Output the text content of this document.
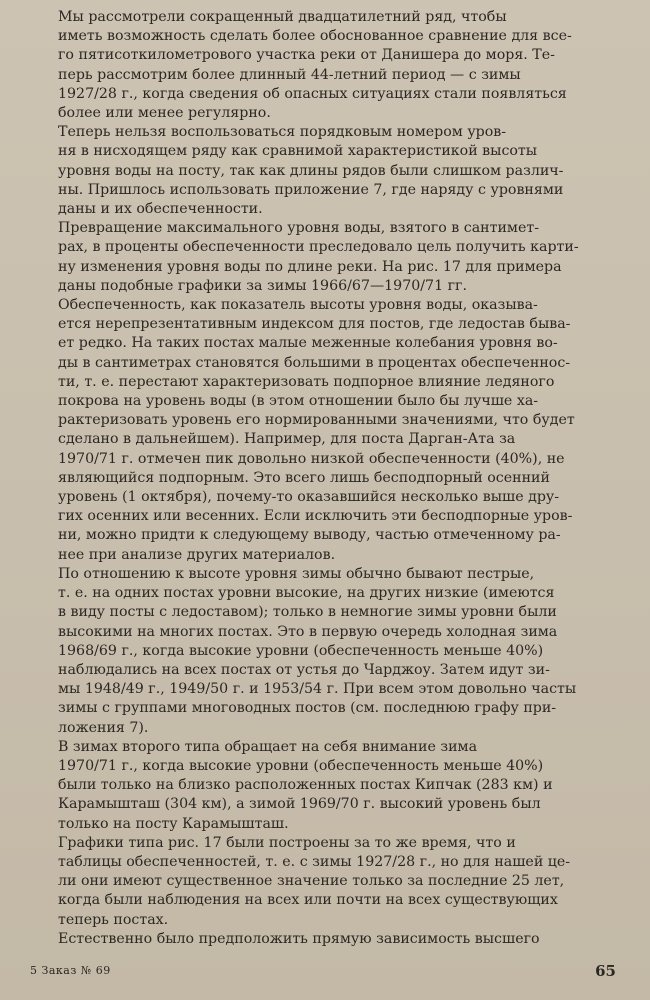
Мы рассмотрели сокращенный двадцатилетний ряд, чтобы
иметь возможность сделать более обоснованное сравнение для все-
го пятисоткилометрового участка реки от Данишера до моря. Те-
перь рассмотрим более длинный 44-летний период — с зимы
1927/28 г., когда сведения об опасных ситуациях стали появляться
более или менее регулярно.

Теперь нельзя воспользоваться порядковым номером уров-
ня в нисходящем ряду как сравнимой характеристикой высоты
уровня воды на посту, так как длины рядов были слишком различ-
ны. Пришлось использовать приложение 7, где наряду с уровнями
даны и их обеспеченности.

Превращение максимального уровня воды, взятого в сантимет-
рах, в проценты обеспеченности преследовало цель получить карти-
ну изменения уровня воды по длине реки. На рис. 17 для примера
даны подобные графики за зимы 1966/67—1970/71 гг.

Обеспеченность, как показатель высоты уровня воды, оказыва-
ется нерепрезентативным индексом для постов, где ледостав быва-
ет редко. На таких постах малые меженные колебания уровня во-
ды в сантиметрах становятся большими в процентах обеспеченнос-
ти, т. е. перестают характеризовать подпорное влияние ледяного
покрова на уровень воды (в этом отношении было бы лучше ха-
рактеризовать уровень его нормированными значениями, что будет
сделано в дальнейшем). Например, для поста Дарган-Ата за
1970/71 г. отмечен пик довольно низкой обеспеченности (40%), не
являющийся подпорным. Это всего лишь бесподпорный осенний
уровень (1 октября), почему-то оказавшийся несколько выше дру-
гих осенних или весенних. Если исключить эти бесподпорные уров-
ни, можно придти к следующему выводу, частью отмеченному ра-
нее при анализе других материалов.

По отношению к высоте уровня зимы обычно бывают пестрые,
т. е. на одних постах уровни высокие, на других низкие (имеются
в виду посты с ледоставом); только в немногие зимы уровни были
высокими на многих постах. Это в первую очередь холодная зима
1968/69 г., когда высокие уровни (обеспеченность меньше 40%)
наблюдались на всех постах от устья до Чарджоу. Затем идут зи-
мы 1948/49 г., 1949/50 г. и 1953/54 г. При всем этом довольно часты
зимы с группами многоводных постов (см. последнюю графу при-
ложения 7).

В зимах второго типа обращает на себя внимание зима
1970/71 г., когда высокие уровни (обеспеченность меньше 40%)
были только на близко расположенных постах Кипчак (283 км) и
Карамышташ (304 км), а зимой 1969/70 г. высокий уровень был
только на посту Карамышташ.

Графики типа рис. 17 были построены за то же время, что и
таблицы обеспеченностей, т. е. с зимы 1927/28 г., но для нашей це-
ли они имеют существенное значение только за последние 25 лет,
когда были наблюдения на всех или почти на всех существующих
теперь постах.

Естественно было предположить прямую зависимость высшего

5 Заказ № 69	65
